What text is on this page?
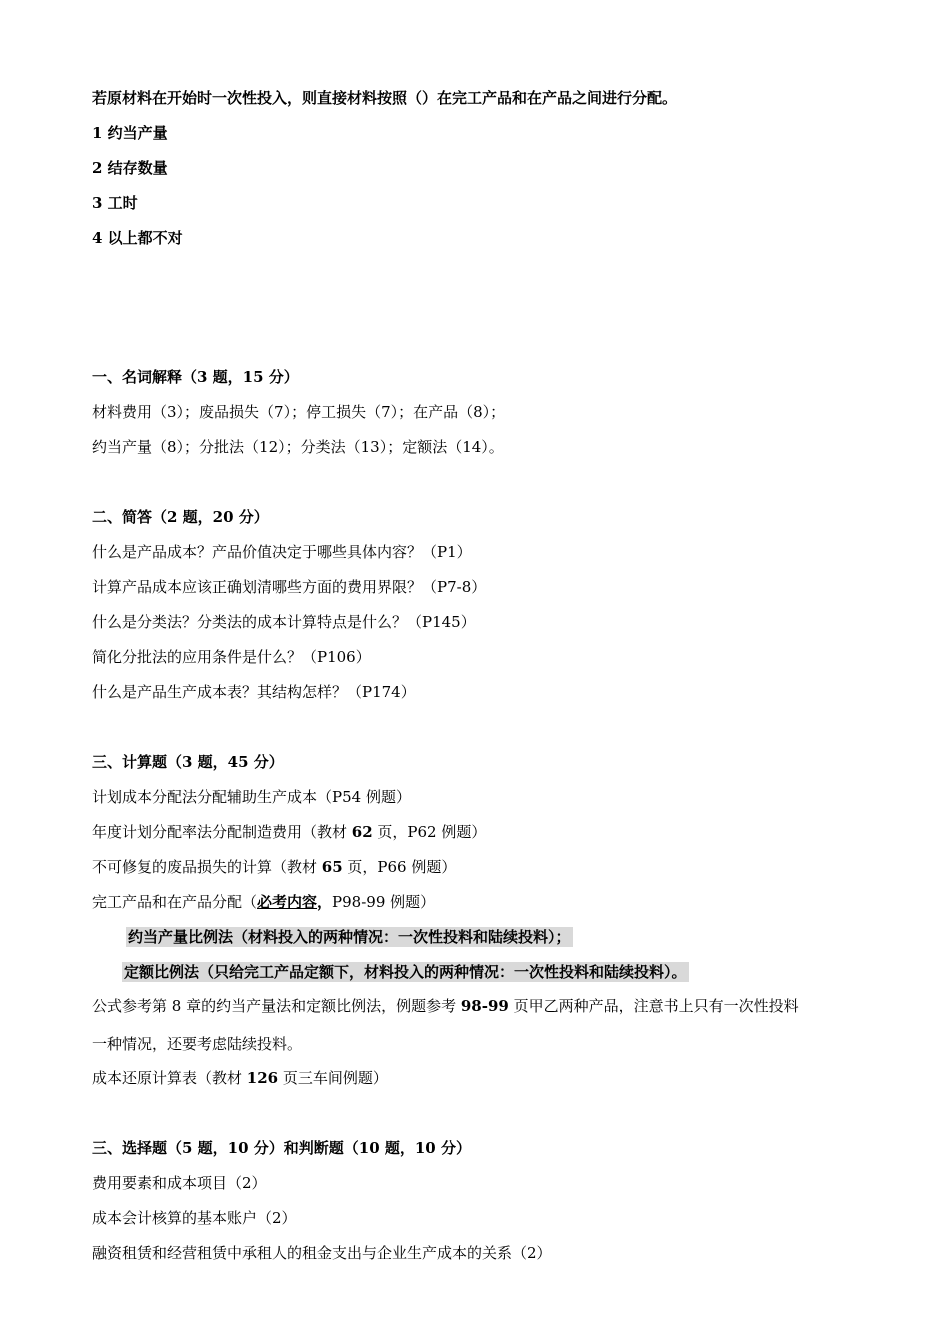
若原材料在开始时一次性投入，则直接材料按照（）在完工产品和在产品之间进行分配。
1 约当产量
2 结存数量
3 工时
4 以上都不对
一、名词解释（3 题，15 分）
材料费用（3）；废品损失（7）；停工损失（7）；在产品（8）；
约当产量（8）；分批法（12）；分类法（13）；定额法（14）。
二、简答（2 题，20 分）
什么是产品成本？产品价值决定于哪些具体内容？（P1）
计算产品成本应该正确划清哪些方面的费用界限？（P7-8）
什么是分类法？分类法的成本计算特点是什么？（P145）
简化分批法的应用条件是什么？（P106）
什么是产品生产成本表？其结构怎样？（P174）
三、计算题（3 题，45 分）
计划成本分配法分配辅助生产成本（P54 例题）
年度计划分配率法分配制造费用（教材 62 页，P62 例题）
不可修复的废品损失的计算（教材 65 页，P66 例题）
完工产品和在产品分配（必考内容，P98-99 例题）
约当产量比例法（材料投入的两种情况：一次性投料和陆续投料）；
定额比例法（只给完工产品定额下，材料投入的两种情况：一次性投料和陆续投料）。
公式参考第 8 章的约当产量法和定额比例法，例题参考 98-99 页甲乙两种产品，注意书上只有一次性投料
一种情况，还要考虑陆续投料。
成本还原计算表（教材 126 页三车间例题）
三、选择题（5 题，10 分）和判断题（10 题，10 分）
费用要素和成本项目（2）
成本会计核算的基本账户（2）
融资租赁和经营租赁中承租人的租金支出与企业生产成本的关系（2）
